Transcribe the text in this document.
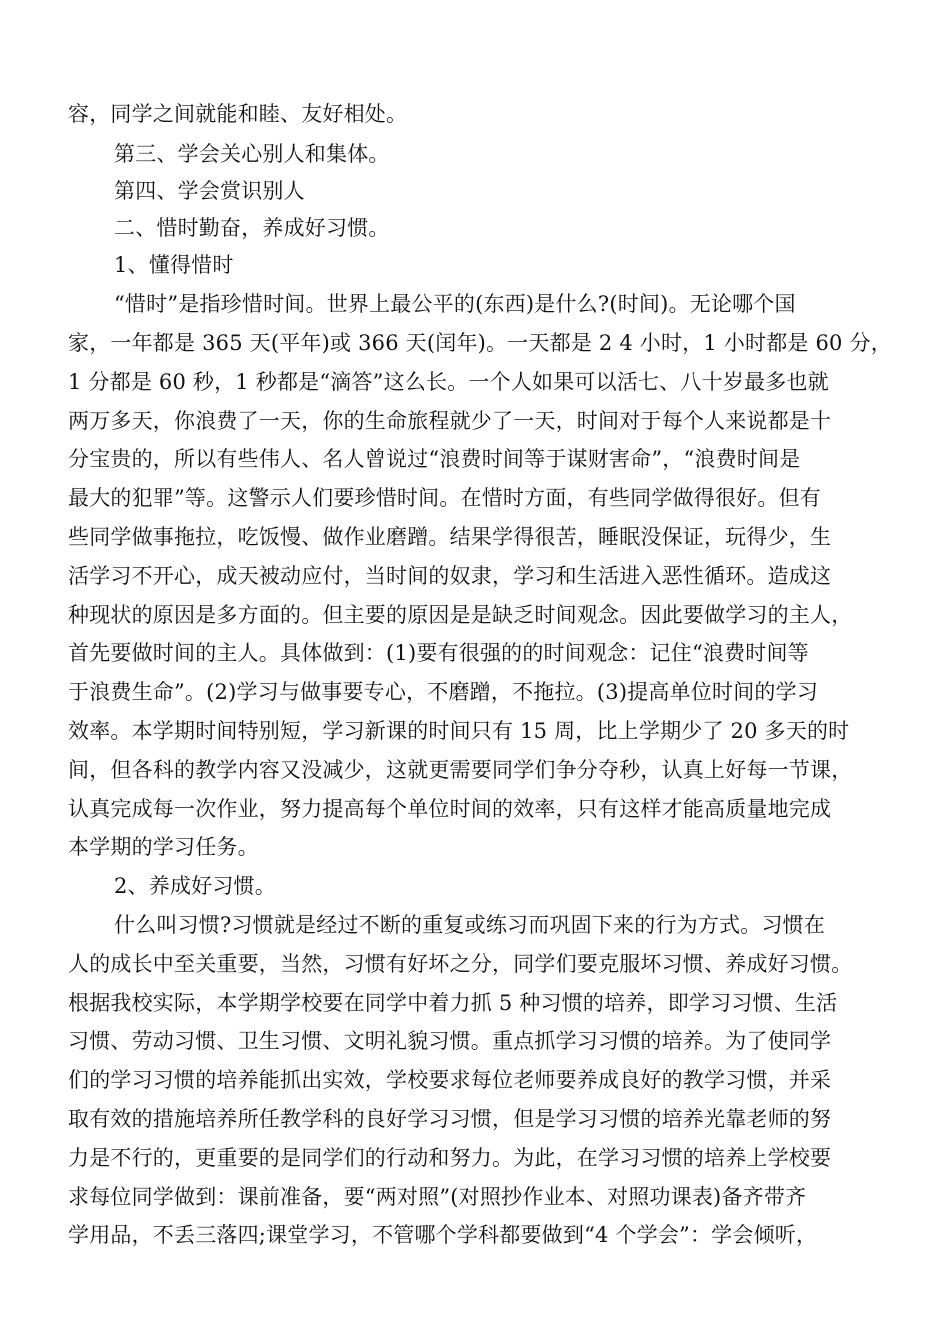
容，同学之间就能和睦、友好相处。
第三、学会关心别人和集体。
第四、学会赏识别人
二、惜时勤奋，养成好习惯。
1、懂得惜时
“惜时”是指珍惜时间。世界上最公平的(东西)是什么?(时间)。无论哪个国
家，一年都是 365 天(平年)或 366 天(闰年)。一天都是 2 4 小时，1 小时都是 60 分，
1 分都是 60 秒，1 秒都是“滴答”这么长。一个人如果可以活七、八十岁最多也就
两万多天，你浪费了一天，你的生命旅程就少了一天，时间对于每个人来说都是十
分宝贵的，所以有些伟人、名人曾说过“浪费时间等于谋财害命”，“浪费时间是
最大的犯罪”等。这警示人们要珍惜时间。在惜时方面，有些同学做得很好。但有
些同学做事拖拉，吃饭慢、做作业磨蹭。结果学得很苦，睡眠没保证，玩得少，生
活学习不开心，成天被动应付，当时间的奴隶，学习和生活进入恶性循环。造成这
种现状的原因是多方面的。但主要的原因是是缺乏时间观念。因此要做学习的主人，
首先要做时间的主人。具体做到：(1)要有很强的的时间观念：记住“浪费时间等
于浪费生命”。(2)学习与做事要专心，不磨蹭，不拖拉。(3)提高单位时间的学习
效率。本学期时间特别短，学习新课的时间只有 15 周，比上学期少了 20 多天的时
间，但各科的教学内容又没减少，这就更需要同学们争分夺秒，认真上好每一节课，
认真完成每一次作业，努力提高每个单位时间的效率，只有这样才能高质量地完成
本学期的学习任务。
2、养成好习惯。
什么叫习惯?习惯就是经过不断的重复或练习而巩固下来的行为方式。习惯在
人的成长中至关重要，当然，习惯有好坏之分，同学们要克服坏习惯、养成好习惯。
根据我校实际，本学期学校要在同学中着力抓 5 种习惯的培养，即学习习惯、生活
习惯、劳动习惯、卫生习惯、文明礼貌习惯。重点抓学习习惯的培养。为了使同学
们的学习习惯的培养能抓出实效，学校要求每位老师要养成良好的教学习惯，并采
取有效的措施培养所任教学科的良好学习习惯，但是学习习惯的培养光靠老师的努
力是不行的，更重要的是同学们的行动和努力。为此，在学习习惯的培养上学校要
求每位同学做到：课前准备，要“两对照”(对照抄作业本、对照功课表)备齐带齐
学用品，不丢三落四;课堂学习，不管哪个学科都要做到“4 个学会”：学会倾听，
